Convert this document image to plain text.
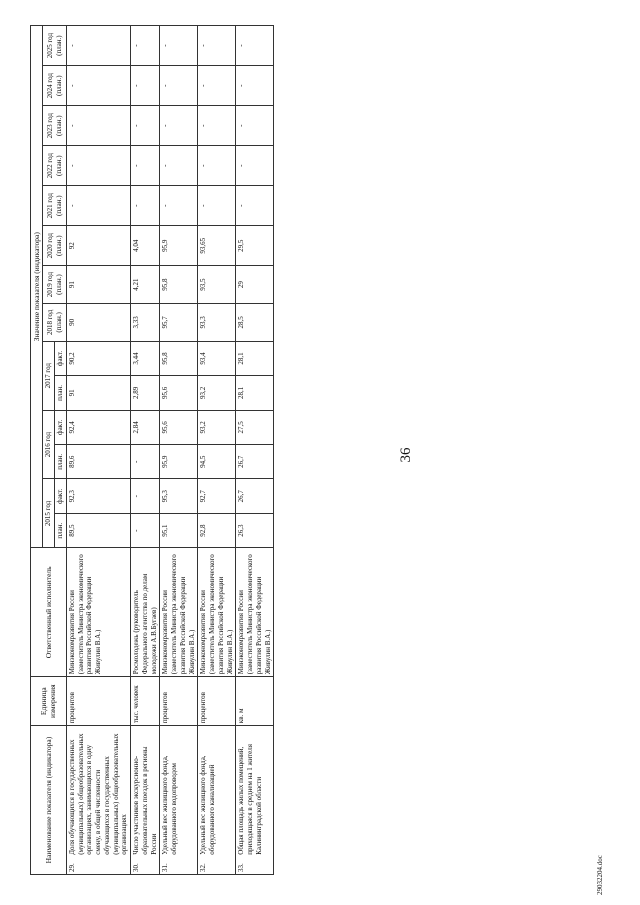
36
Наименование показателя (индикатора)		Единица измерения	Ответственный исполнитель	Значение показателя (индикатора)													
				2015 год		2016 год		2017 год		2018 год (план.)	2019 год (план.)	2020 год (план.)	2021 год (план.)	2022 год (план.)	2023 год (план.)	2024 год (план.)	2025 год (план.)
				план.	факт.	план.	факт.	план.	факт.								
29.	Доля обучающихся в государственных (муниципальных) общеобразовательных организациях, занимающихся в одну смену, в общей численности обучающихся в государственных (муниципальных) общеобразовательных организациях	процентов	Минэкономразвития России (заместитель Министра экономического развития Российской Федерации Живулин В.А.)	89,5	92,3	89,6	92,4	91	90,2	90	91	92	-	-	-	-	-
30.	Число участников экскурсионно-образовательных поездок в регионы России	тыс. человек	Росмолодежь (руководитель Федерального агентства по делам молодежи А.В.Бугаев)	-	-	-	2,84	2,89	3,44	3,33	4,21	4,04	-	-	-	-	-
31.	Удельный вес жилищного фонда, оборудованного водопроводом	процентов	Минэкономразвития России (заместитель Министра экономического развития Российской Федерации Живулин В.А.)	95,1	95,3	95,9	95,6	95,6	95,8	95,7	95,8	95,9	-	-	-	-	-
32.	Удельный вес жилищного фонда, оборудованного канализацией	процентов	Минэкономразвития России (заместитель Министра экономического развития Российской Федерации Живулин В.А.)	92,8	92,7	94,5	93,2	93,2	93,4	93,3	93,5	93,65	-	-	-	-	-
33.	Общая площадь жилых помещений, приходящаяся в среднем на 1 жителя Калининградской области	кв. м	Минэкономразвития России (заместитель Министра экономического развития Российской Федерации Живулин В.А.)	26,3	26,7	26,7	27,5	28,1	28,1	28,5	29	29,5	-	-	-	-	-
29032204.doc
